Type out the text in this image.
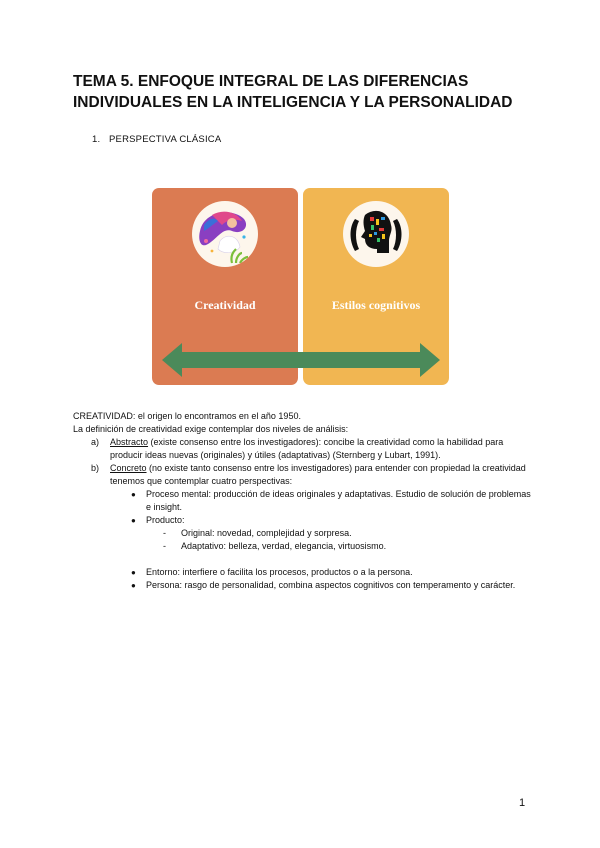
TEMA 5. ENFOQUE INTEGRAL DE LAS DIFERENCIAS INDIVIDUALES EN LA INTELIGENCIA Y LA PERSONALIDAD
1. PERSPECTIVA CLÁSICA
Creatividad	Estilos cognitivos

CREATIVIDAD: el origen lo encontramos en el año 1950.

La definición de creatividad exige contemplar dos niveles de análisis:

a) Abstracto (existe consenso entre los investigadores): concibe la creatividad como la habilidad para producir ideas nuevas (originales) y útiles (adaptativas) (Sternberg y Lubart, 1991).
b) Concreto (no existe tanto consenso entre los investigadores) para entender con propiedad la creatividad tenemos que contemplar cuatro perspectivas:
● Proceso mental: producción de ideas originales y adaptativas. Estudio de solución de problemas e insight.
● Producto:
- Original: novedad, complejidad y sorpresa.
- Adaptativo: belleza, verdad, elegancia, virtuosismo.
● Entorno: interfiere o facilita los procesos, productos o a la persona.
● Persona: rasgo de personalidad, combina aspectos cognitivos con temperamento y carácter.
1
